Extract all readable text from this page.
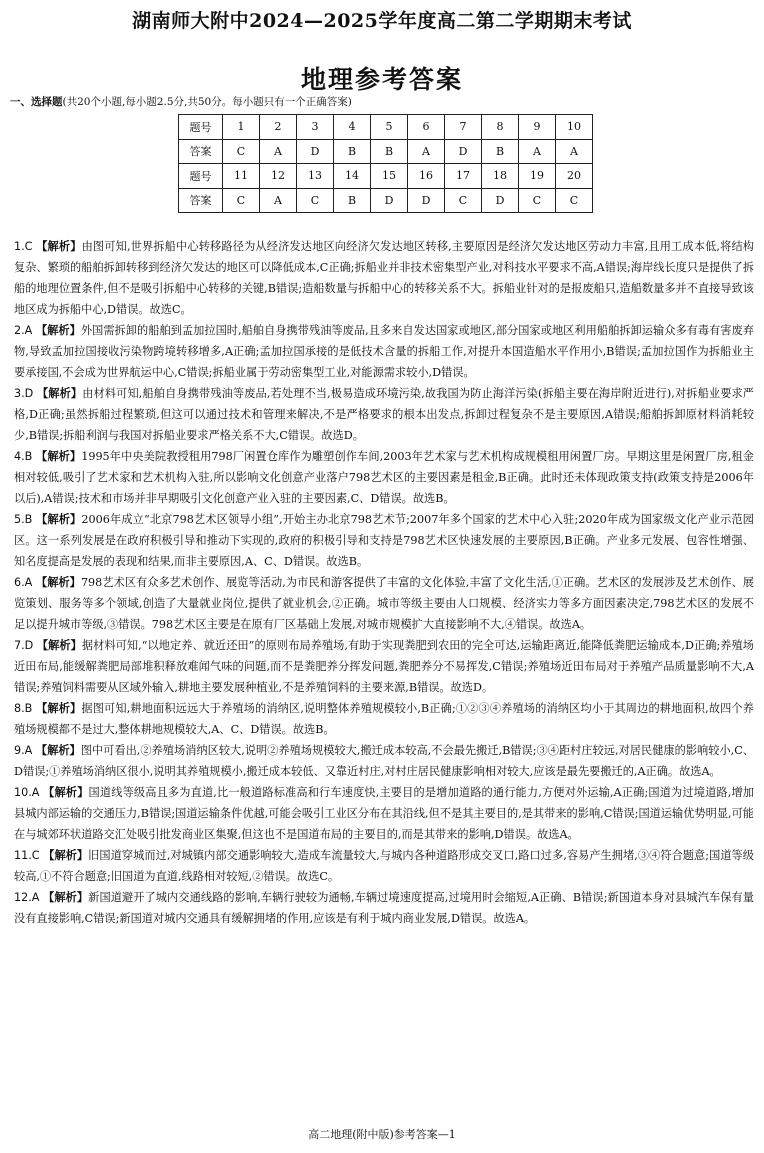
湖南师大附中2024—2025学年度高二第二学期期末考试
地理参考答案
一、选择题(共20个小题,每小题2.5分,共50分。每小题只有一个正确答案)
题号	1	2	3	4	5	6	7	8	9	10
答案	C	A	D	B	B	A	D	B	A	A
题号	11	12	13	14	15	16	17	18	19	20
答案	C	A	C	B	D	D	C	D	C	C
1.C 【解析】由图可知,世界拆船中心转移路径为从经济发达地区向经济欠发达地区转移,主要原因是经济欠发达地区劳动力丰富,且用工成本低,将结构复杂、繁琐的船舶拆卸转移到经济欠发达的地区可以降低成本,C正确;拆船业并非技术密集型产业,对科技水平要求不高,A错误;海岸线长度只是提供了拆船的地理位置条件,但不是吸引拆船中心转移的关键,B错误;造船数量与拆船中心的转移关系不大。拆船业针对的是报废船只,造船数量多并不直接导致该地区成为拆船中心,D错误。故选C。
2.A 【解析】外国需拆卸的船舶到孟加拉国时,船舶自身携带残油等废品,且多来自发达国家或地区,部分国家或地区利用船舶拆卸运输众多有毒有害废弃物,导致孟加拉国接收污染物跨境转移增多,A正确;孟加拉国承接的是低技术含量的拆船工作,对提升本国造船水平作用小,B错误;孟加拉国作为拆船业主要承接国,不会成为世界航运中心,C错误;拆船业属于劳动密集型工业,对能源需求较小,D错误。
3.D 【解析】由材料可知,船舶自身携带残油等废品,若处理不当,极易造成环境污染,故我国为防止海洋污染(拆船主要在海岸附近进行),对拆船业要求严格,D正确;虽然拆船过程繁琐,但这可以通过技术和管理来解决,不是严格要求的根本出发点,拆卸过程复杂不是主要原因,A错误;船舶拆卸原材料消耗较少,B错误;拆船利润与我国对拆船业要求严格关系不大,C错误。故选D。
4.B 【解析】1995年中央美院教授租用798厂闲置仓库作为雕塑创作车间,2003年艺术家与艺术机构成规模租用闲置厂房。早期这里是闲置厂房,租金相对较低,吸引了艺术家和艺术机构入驻,所以影响文化创意产业落户798艺术区的主要因素是租金,B正确。此时还未体现政策支持(政策支持是2006年以后),A错误;技术和市场并非早期吸引文化创意产业入驻的主要因素,C、D错误。故选B。
5.B 【解析】2006年成立“北京798艺术区领导小组”,开始主办北京798艺术节;2007年多个国家的艺术中心入驻;2020年成为国家级文化产业示范园区。这一系列发展是在政府积极引导和推动下实现的,政府的积极引导和支持是798艺术区快速发展的主要原因,B正确。产业多元发展、包容性增强、知名度提高是发展的表现和结果,而非主要原因,A、C、D错误。故选B。
6.A 【解析】798艺术区有众多艺术创作、展览等活动,为市民和游客提供了丰富的文化体验,丰富了文化生活,①正确。艺术区的发展涉及艺术创作、展览策划、服务等多个领域,创造了大量就业岗位,提供了就业机会,②正确。城市等级主要由人口规模、经济实力等多方面因素决定,798艺术区的发展不足以提升城市等级,③错误。798艺术区主要是在原有厂区基础上发展,对城市规模扩大直接影响不大,④错误。故选A。
7.D 【解析】据材料可知,“以地定养、就近还田”的原则布局养殖场,有助于实现粪肥到农田的完全可达,运输距离近,能降低粪肥运输成本,D正确;养殖场近田布局,能缓解粪肥局部堆积释放难闻气味的问题,而不是粪肥养分挥发问题,粪肥养分不易挥发,C错误;养殖场近田布局对于养殖产品质量影响不大,A错误;养殖饲料需要从区域外输入,耕地主要发展种植业,不是养殖饲料的主要来源,B错误。故选D。
8.B 【解析】据图可知,耕地面积远远大于养殖场的消纳区,说明整体养殖规模较小,B正确;①②③④养殖场的消纳区均小于其周边的耕地面积,故四个养殖场规模都不是过大,整体耕地规模较大,A、C、D错误。故选B。
9.A 【解析】图中可看出,②养殖场消纳区较大,说明②养殖场规模较大,搬迁成本较高,不会最先搬迁,B错误;③④距村庄较远,对居民健康的影响较小,C、D错误;①养殖场消纳区很小,说明其养殖规模小,搬迁成本较低、又靠近村庄,对村庄居民健康影响相对较大,应该是最先要搬迁的,A正确。故选A。
10.A 【解析】国道线等级高且多为直道,比一般道路标准高和行车速度快,主要目的是增加道路的通行能力,方便对外运输,A正确;国道为过境道路,增加县城内部运输的交通压力,B错误;国道运输条件优越,可能会吸引工业区分布在其沿线,但不是其主要目的,是其带来的影响,C错误;国道运输优势明显,可能在与城郊环状道路交汇处吸引批发商业区集聚,但这也不是国道布局的主要目的,而是其带来的影响,D错误。故选A。
11.C 【解析】旧国道穿城而过,对城镇内部交通影响较大,造成车流量较大,与城内各种道路形成交叉口,路口过多,容易产生拥堵,③④符合题意;国道等级较高,①不符合题意;旧国道为直道,线路相对较短,②错误。故选C。
12.A 【解析】新国道避开了城内交通线路的影响,车辆行驶较为通畅,车辆过境速度提高,过境用时会缩短,A正确、B错误;新国道本身对县城汽车保有量没有直接影响,C错误;新国道对城内交通具有缓解拥堵的作用,应该是有利于城内商业发展,D错误。故选A。
高二地理(附中版)参考答案—1
